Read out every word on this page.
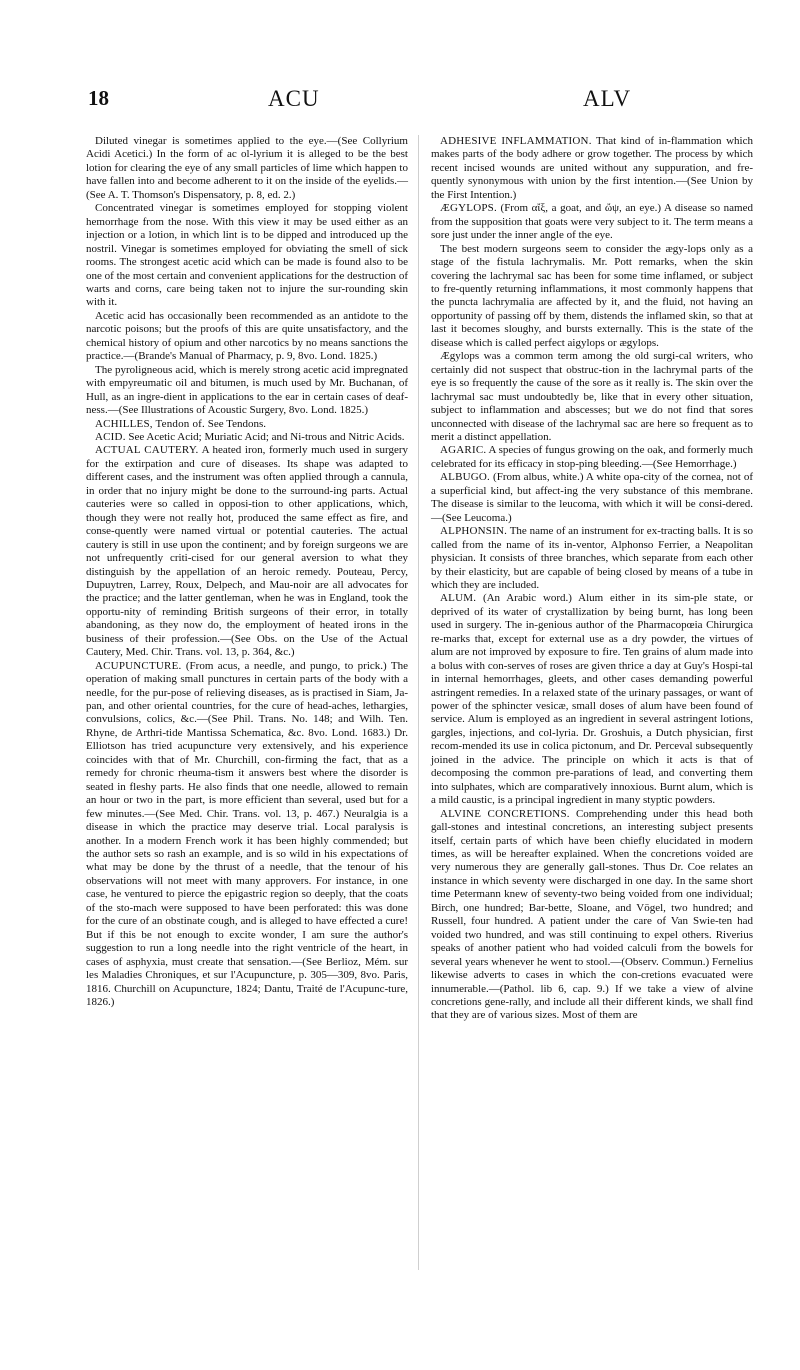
18	ACU	ALV

Diluted vinegar is sometimes applied to the eye.—(See Collyrium Acidi Acetici.) In the form of ac ol-lyrium it is alleged to be the best lotion for clearing the eye of any small particles of lime which happen to have fallen into and become adherent to it on the inside of the eyelids.—(See A. T. Thomson's Dispensatory, p. 8, ed. 2.)

Concentrated vinegar is sometimes employed for stopping violent hemorrhage from the nose. With this view it may be used either as an injection or a lotion, in which lint is to be dipped and introduced up the nostril. Vinegar is sometimes employed for obviating the smell of sick rooms. The strongest acetic acid which can be made is found also to be one of the most certain and convenient applications for the destruction of warts and corns, care being taken not to injure the sur-rounding skin with it.

Acetic acid has occasionally been recommended as an antidote to the narcotic poisons; but the proofs of this are quite unsatisfactory, and the chemical history of opium and other narcotics by no means sanctions the practice.—(Brande's Manual of Pharmacy, p. 9, 8vo. Lond. 1825.)

The pyroligneous acid, which is merely strong acetic acid impregnated with empyreumatic oil and bitumen, is much used by Mr. Buchanan, of Hull, as an ingre-dient in applications to the ear in certain cases of deaf-ness.—(See Illustrations of Acoustic Surgery, 8vo. Lond. 1825.)

ACHILLES, Tendon of. See Tendons.

ACID. See Acetic Acid; Muriatic Acid; and Ni-trous and Nitric Acids.

ACTUAL CAUTERY. A heated iron, formerly much used in surgery for the extirpation and cure of diseases. Its shape was adapted to different cases, and the instrument was often applied through a cannula, in order that no injury might be done to the surround-ing parts. Actual cauteries were so called in opposi-tion to other applications, which, though they were not really hot, produced the same effect as fire, and conse-quently were named virtual or potential cauteries. The actual cautery is still in use upon the continent; and by foreign surgeons we are not unfrequently criti-cised for our general aversion to what they distinguish by the appellation of an heroic remedy. Pouteau, Percy, Dupuytren, Larrey, Roux, Delpech, and Mau-noir are all advocates for the practice; and the latter gentleman, when he was in England, took the opportu-nity of reminding British surgeons of their error, in totally abandoning, as they now do, the employment of heated irons in the business of their profession.—(See Obs. on the Use of the Actual Cautery, Med. Chir. Trans. vol. 13, p. 364, &c.)

ACUPUNCTURE. (From acus, a needle, and pungo, to prick.) The operation of making small punctures in certain parts of the body with a needle, for the pur-pose of relieving diseases, as is practised in Siam, Ja-pan, and other oriental countries, for the cure of head-aches, lethargies, convulsions, colics, &c.—(See Phil. Trans. No. 148; and Wilh. Ten. Rhyne, de Arthri-tide Mantissa Schematica, &c. 8vo. Lond. 1683.) Dr. Elliotson has tried acupuncture very extensively, and his experience coincides with that of Mr. Churchill, con-firming the fact, that as a remedy for chronic rheuma-tism it answers best where the disorder is seated in fleshy parts. He also finds that one needle, allowed to remain an hour or two in the part, is more efficient than several, used but for a few minutes.—(See Med. Chir. Trans. vol. 13, p. 467.) Neuralgia is a disease in which the practice may deserve trial. Local paralysis is another. In a modern French work it has been highly commended; but the author sets so rash an example, and is so wild in his expectations of what may be done by the thrust of a needle, that the tenour of his observations will not meet with many approvers. For instance, in one case, he ventured to pierce the epigastric region so deeply, that the coats of the sto-mach were supposed to have been perforated: this was done for the cure of an obstinate cough, and is alleged to have effected a cure! But if this be not enough to excite wonder, I am sure the author's suggestion to run a long needle into the right ventricle of the heart, in cases of asphyxia, must create that sensation.—(See Berlioz, Mém. sur les Maladies Chroniques, et sur l'Acupuncture, p. 305—309, 8vo. Paris, 1816. Churchill on Acupuncture, 1824; Dantu, Traité de l'Acupunc-ture, 1826.)

ADHESIVE INFLAMMATION. That kind of in-flammation which makes parts of the body adhere or grow together. The process by which recent incised wounds are united without any suppuration, and fre-quently synonymous with union by the first intention.—(See Union by the First Intention.)

ÆGYLOPS. (From αἴξ, a goat, and ὤψ, an eye.) A disease so named from the supposition that goats were very subject to it. The term means a sore just under the inner angle of the eye.

The best modern surgeons seem to consider the ægy-lops only as a stage of the fistula lachrymalis. Mr. Pott remarks, when the skin covering the lachrymal sac has been for some time inflamed, or subject to fre-quently returning inflammations, it most commonly happens that the puncta lachrymalia are affected by it, and the fluid, not having an opportunity of passing off by them, distends the inflamed skin, so that at last it becomes sloughy, and bursts externally. This is the state of the disease which is called perfect aigylops or ægylops.

Ægylops was a common term among the old surgi-cal writers, who certainly did not suspect that obstruc-tion in the lachrymal parts of the eye is so frequently the cause of the sore as it really is. The skin over the lachrymal sac must undoubtedly be, like that in every other situation, subject to inflammation and abscesses; but we do not find that sores unconnected with disease of the lachrymal sac are here so frequent as to merit a distinct appellation.

AGARIC. A species of fungus growing on the oak, and formerly much celebrated for its efficacy in stop-ping bleeding.—(See Hemorrhage.)

ALBUGO. (From albus, white.) A white opa-city of the cornea, not of a superficial kind, but affect-ing the very substance of this membrane. The disease is similar to the leucoma, with which it will be consi-dered.—(See Leucoma.)

ALPHONSIN. The name of an instrument for ex-tracting balls. It is so called from the name of its in-ventor, Alphonso Ferrier, a Neapolitan physician. It consists of three branches, which separate from each other by their elasticity, but are capable of being closed by means of a tube in which they are included.

ALUM. (An Arabic word.) Alum either in its sim-ple state, or deprived of its water of crystallization by being burnt, has long been used in surgery. The in-genious author of the Pharmacopœia Chirurgica re-marks that, except for external use as a dry powder, the virtues of alum are not improved by exposure to fire. Ten grains of alum made into a bolus with con-serves of roses are given thrice a day at Guy's Hospi-tal in internal hemorrhages, gleets, and other cases demanding powerful astringent remedies. In a relaxed state of the urinary passages, or want of power of the sphincter vesicæ, small doses of alum have been found of service. Alum is employed as an ingredient in several astringent lotions, gargles, injections, and col-lyria. Dr. Groshuis, a Dutch physician, first recom-mended its use in colica pictonum, and Dr. Perceval subsequently joined in the advice. The principle on which it acts is that of decomposing the common pre-parations of lead, and converting them into sulphates, which are comparatively innoxious. Burnt alum, which is a mild caustic, is a principal ingredient in many styptic powders.

ALVINE CONCRETIONS. Comprehending under this head both gall-stones and intestinal concretions, an interesting subject presents itself, certain parts of which have been chiefly elucidated in modern times, as will be hereafter explained. When the concretions voided are very numerous they are generally gall-stones. Thus Dr. Coe relates an instance in which seventy were discharged in one day. In the same short time Petermann knew of seventy-two being voided from one individual; Birch, one hundred; Bar-bette, Sloane, and Vögel, two hundred; and Russell, four hundred. A patient under the care of Van Swie-ten had voided two hundred, and was still continuing to expel others. Riverius speaks of another patient who had voided calculi from the bowels for several years whenever he went to stool.—(Observ. Commun.) Fernelius likewise adverts to cases in which the con-cretions evacuated were innumerable.—(Pathol. lib 6, cap. 9.) If we take a view of alvine concretions gene-rally, and include all their different kinds, we shall find that they are of various sizes. Most of them are
